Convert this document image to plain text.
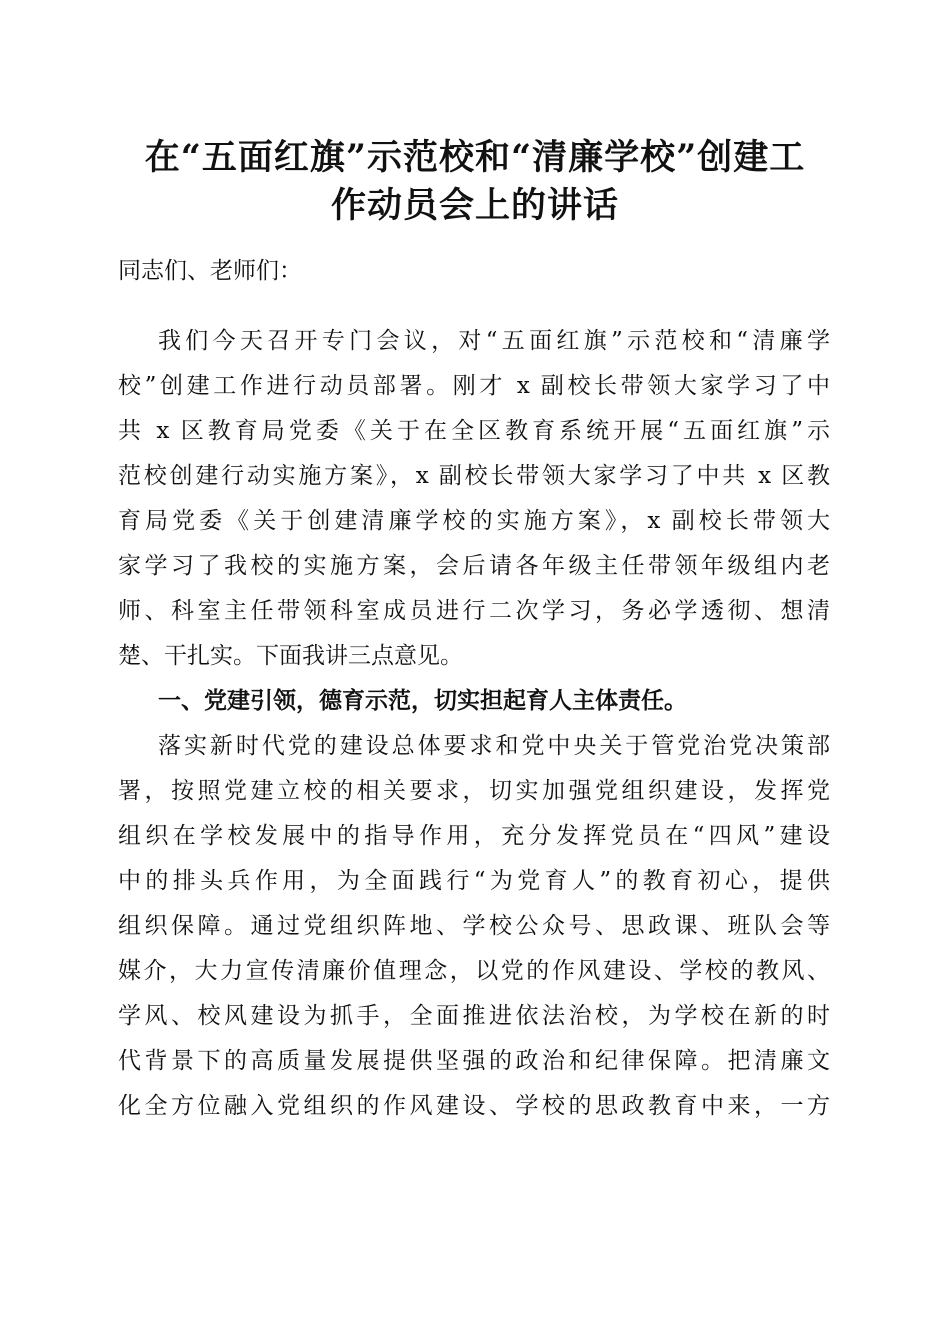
在“五面红旗”示范校和“清廉学校”创建工
作动员会上的讲话

同志们、老师们：

我们今天召开专门会议，对“五面红旗”示范校和“清廉学

校”创建工作进行动员部署。刚才 x 副校长带领大家学习了中

共 x 区教育局党委《关于在全区教育系统开展“五面红旗”示

范校创建行动实施方案》，x 副校长带领大家学习了中共 x 区教

育局党委《关于创建清廉学校的实施方案》，x 副校长带领大

家学习了我校的实施方案，会后请各年级主任带领年级组内老

师、科室主任带领科室成员进行二次学习，务必学透彻、想清

楚、干扎实。下面我讲三点意见。

一、党建引领，德育示范，切实担起育人主体责任。

落实新时代党的建设总体要求和党中央关于管党治党决策部

署，按照党建立校的相关要求，切实加强党组织建设，发挥党

组织在学校发展中的指导作用，充分发挥党员在“四风”建设

中的排头兵作用，为全面践行“为党育人”的教育初心，提供

组织保障。通过党组织阵地、学校公众号、思政课、班队会等

媒介，大力宣传清廉价值理念，以党的作风建设、学校的教风、

学风、校风建设为抓手，全面推进依法治校，为学校在新的时

代背景下的高质量发展提供坚强的政治和纪律保障。把清廉文

化全方位融入党组织的作风建设、学校的思政教育中来，一方
